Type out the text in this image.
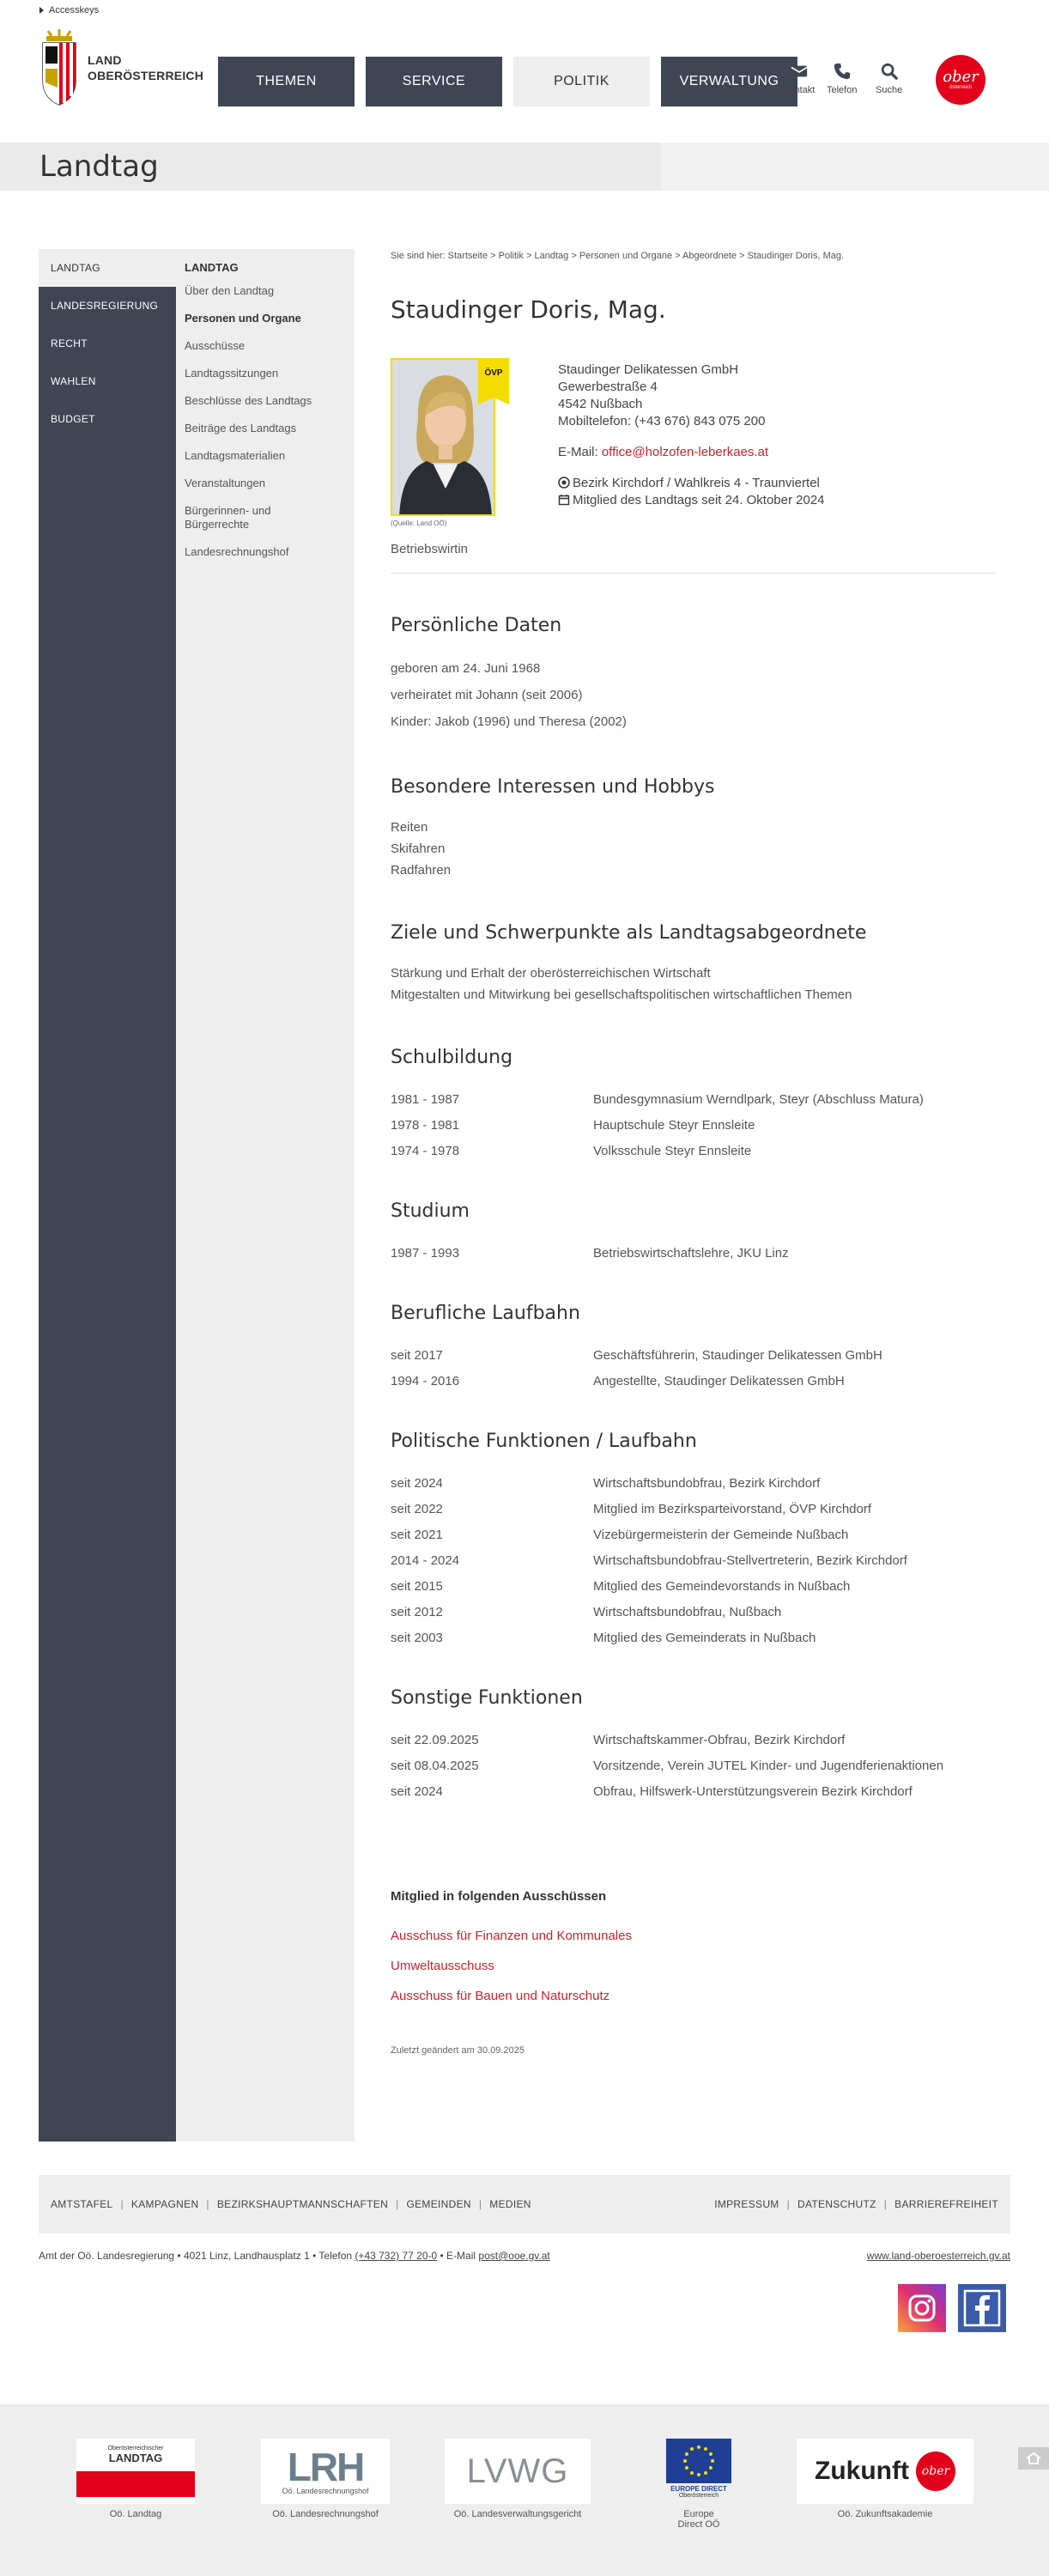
Accesskeys
LAND
OBERÖSTERREICH	THEMEN	SERVICE	POLITIK	VERWALTUNG
Kontakt Telefon Suche
ober
österreich
Landtag
LANDTAG
LANDESREGIERUNG
RECHT
WAHLEN
BUDGET
LANDTAG
Über den Landtag
Personen und Organe
Ausschüsse
Landtagssitzungen
Beschlüsse des Landtags
Beiträge des Landtags
Landtagsmaterialien
Veranstaltungen
Bürgerinnen- und Bürgerrechte
Landesrechnungshof
Sie sind hier: Startseite > Politik > Landtag > Personen und Organe > Abgeordnete > Staudinger Doris, Mag.
Staudinger Doris, Mag.
ÖVP
(Quelle: Land OÖ)
Betriebswirtin
Staudinger Delikatessen GmbH
Gewerbestraße 4
4542 Nußbach
Mobiltelefon: (+43 676) 843 075 200
E-Mail: office@holzofen-leberkaes.at
Bezirk Kirchdorf / Wahlkreis 4 - Traunviertel
Mitglied des Landtags seit 24. Oktober 2024
Persönliche Daten
geboren am 24. Juni 1968
verheiratet mit Johann (seit 2006)
Kinder: Jakob (1996) und Theresa (2002)
Besondere Interessen und Hobbys
Reiten
Skifahren
Radfahren
Ziele und Schwerpunkte als Landtagsabgeordnete
Stärkung und Erhalt der oberösterreichischen Wirtschaft
Mitgestalten und Mitwirkung bei gesellschaftspolitischen wirtschaftlichen Themen
Schulbildung
1981 - 1987	Bundesgymnasium Werndlpark, Steyr (Abschluss Matura)
1978 - 1981	Hauptschule Steyr Ennsleite
1974 - 1978	Volksschule Steyr Ennsleite
Studium
1987 - 1993	Betriebswirtschaftslehre, JKU Linz
Berufliche Laufbahn
seit 2017	Geschäftsführerin, Staudinger Delikatessen GmbH
1994 - 2016	Angestellte, Staudinger Delikatessen GmbH
Politische Funktionen / Laufbahn
seit 2024	Wirtschaftsbundobfrau, Bezirk Kirchdorf
seit 2022	Mitglied im Bezirksparteivorstand, ÖVP Kirchdorf
seit 2021	Vizebürgermeisterin der Gemeinde Nußbach
2014 - 2024	Wirtschaftsbundobfrau-Stellvertreterin, Bezirk Kirchdorf
seit 2015	Mitglied des Gemeindevorstands in Nußbach
seit 2012	Wirtschaftsbundobfrau, Nußbach
seit 2003	Mitglied des Gemeinderats in Nußbach
Sonstige Funktionen
seit 22.09.2025	Wirtschaftskammer-Obfrau, Bezirk Kirchdorf
seit 08.04.2025	Vorsitzende, Verein JUTEL Kinder- und Jugendferienaktionen
seit 2024	Obfrau, Hilfswerk-Unterstützungsverein Bezirk Kirchdorf
Mitglied in folgenden Ausschüssen
Ausschuss für Finanzen und Kommunales
Umweltausschuss
Ausschuss für Bauen und Naturschutz
Zuletzt geändert am 30.09.2025
AMTSTAFEL | KAMPAGNEN | BEZIRKSHAUPTMANNSCHAFTEN | GEMEINDEN | MEDIEN	IMPRESSUM | DATENSCHUTZ | BARRIEREFREIHEIT
Amt der Oö. Landesregierung • 4021 Linz, Landhausplatz 1 • Telefon (+43 732) 77 20-0 • E-Mail post@ooe.gv.at	www.land-oberoesterreich.gv.at
Oberösterreichischer
LANDTAG
Oö. Landtag
LRH
Oö. Landesrechnungshof
Oö. Landesrechnungshof
LVWG
Oö. Landesverwaltungsgericht
EUROPE DIRECT
Oberösterreich
Europe Direct OÖ
Zukunft	ober
Oö. Zukunftsakademie
